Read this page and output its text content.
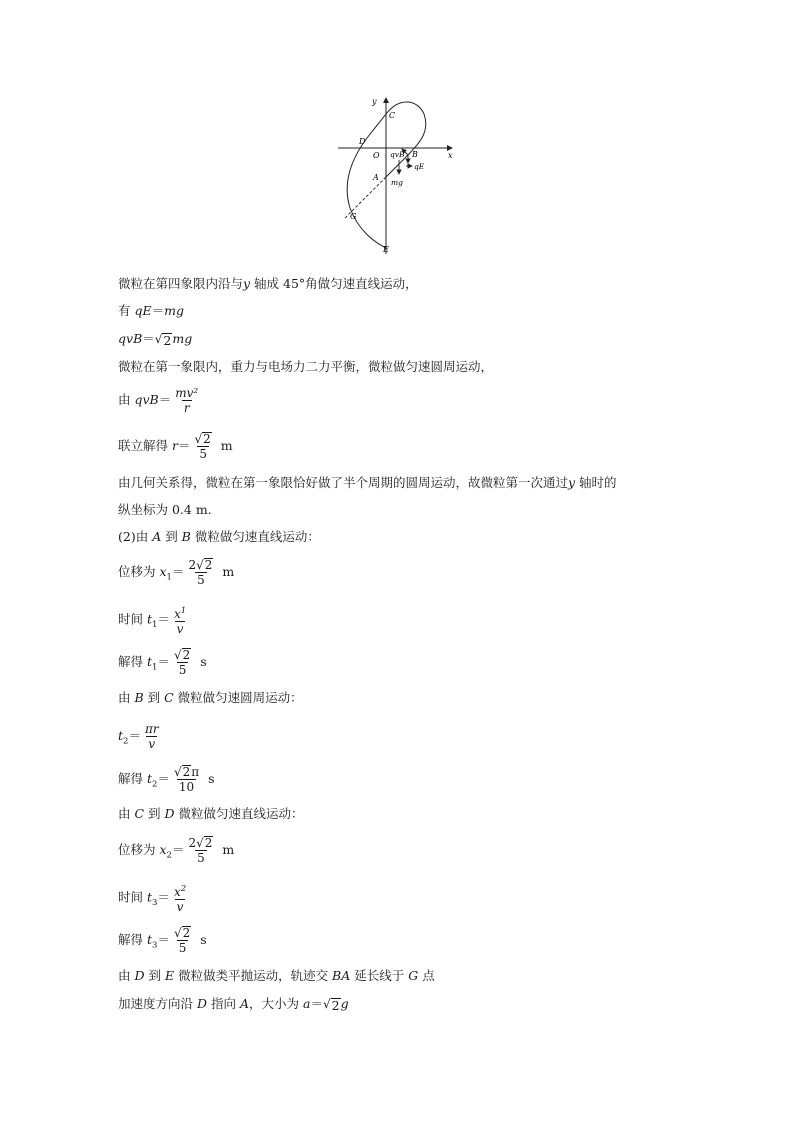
y
x
C
D
O qvB B
qE
A
mg
G
E
微粒在第四象限内沿与y 轴成 45°角做匀速直线运动，
有 qE＝mg
qvB＝ √ 2 mg
微粒在第一象限内，重力与电场力二力平衡，微粒做匀速圆周运动，
由 $qvB= \frac{\text{mv²}}{r}$
联立解得 $r= \frac{√ 2}{5}$ m
由几何关系得，微粒在第一象限恰好做了半个周期的圆周运动，故微粒第一次通过y 轴时的
纵坐标为 0.4 m.
(2)由 A 到 B 微粒做匀速直线运动：
位移为 $x_1= \frac{2 √ 2}{5}$ m
时间 $t_1= \frac{x^1}{v}$
解得 $t_1= \frac{√ 2}{5}$ s
由 B 到 C 微粒做匀速圆周运动：
$t_2= \frac{\pi r}{v}$
解得 $t_2= \frac{√ 2 \pi}{10}$ s
由 C 到 D 微粒做匀速直线运动：
位移为 $x_2= \frac{2 √ 2}{5}$ m
时间 $t_3= \frac{x^2}{v}$
解得 $t_3= \frac{√ 2}{5}$ s
由 D 到 E 微粒做类平抛运动，轨迹交 BA 延长线于 G 点
加速度方向沿 D 指向 A，大小为 a＝ √ 2 g
